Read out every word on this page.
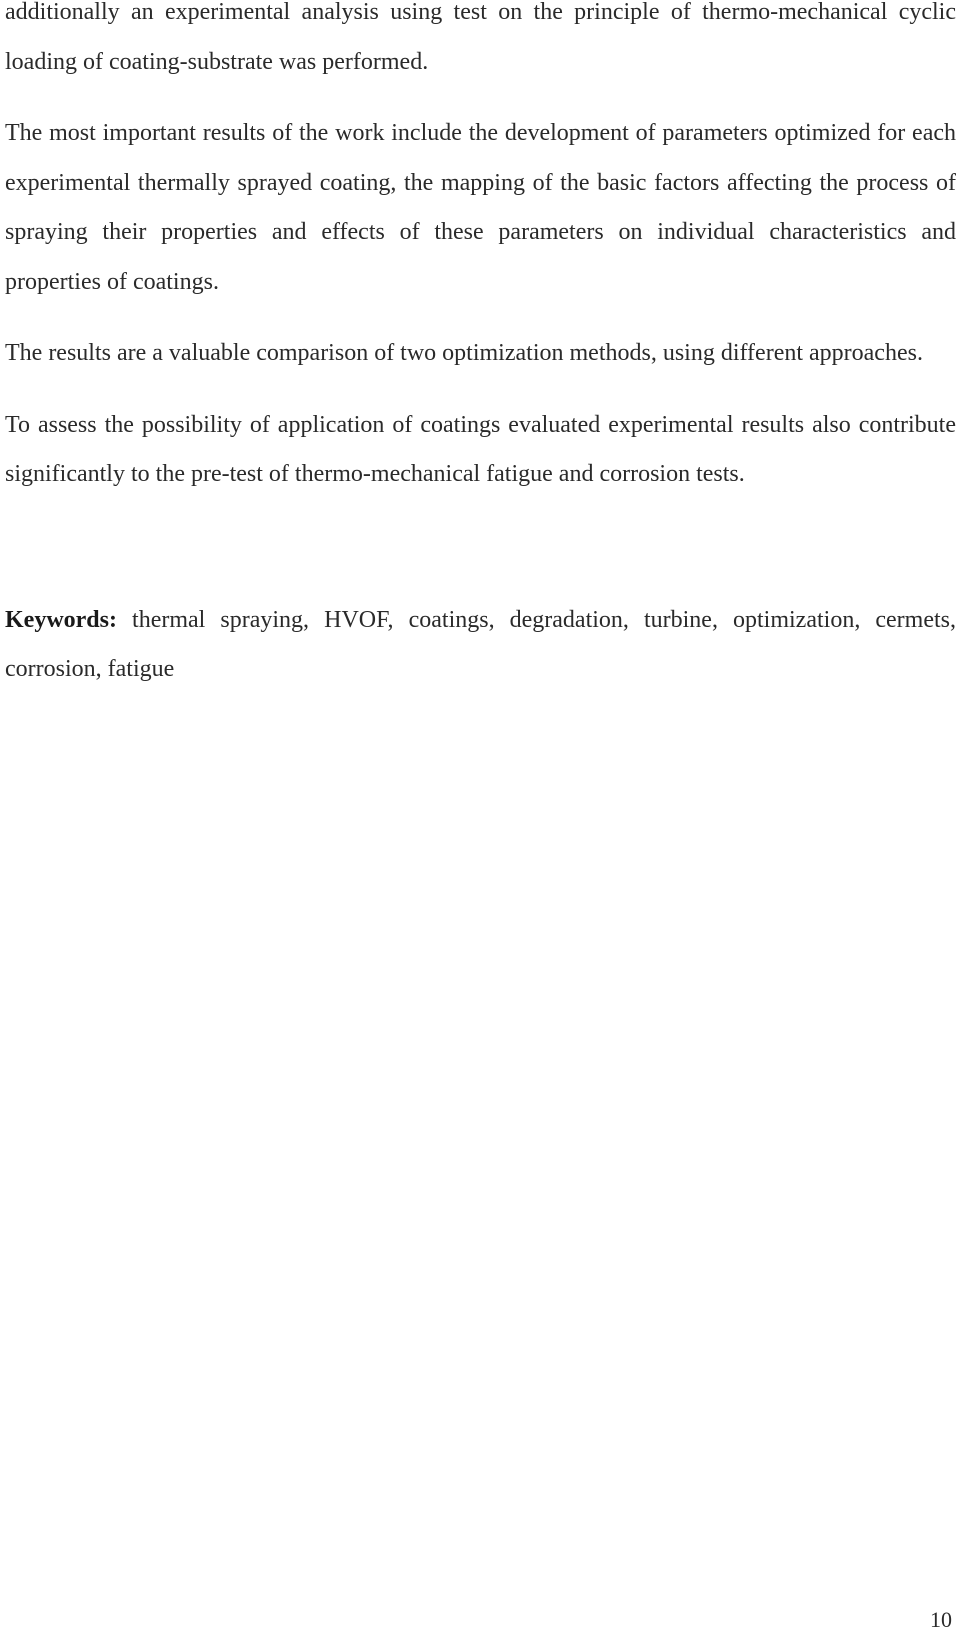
additionally an experimental analysis using test on the principle of thermo-mechanical cyclic loading of coating-substrate was performed.

The most important results of the work include the development of parameters optimized for each experimental thermally sprayed coating, the mapping of the basic factors affecting the process of spraying their properties and effects of these parameters on individual characteristics and properties of coatings.

The results are a valuable comparison of two optimization methods, using different approaches.

To assess the possibility of application of coatings evaluated experimental results also contribute significantly to the pre-test of thermo-mechanical fatigue and corrosion tests.

Keywords: thermal spraying, HVOF, coatings, degradation, turbine, optimization, cermets, corrosion, fatigue

10
